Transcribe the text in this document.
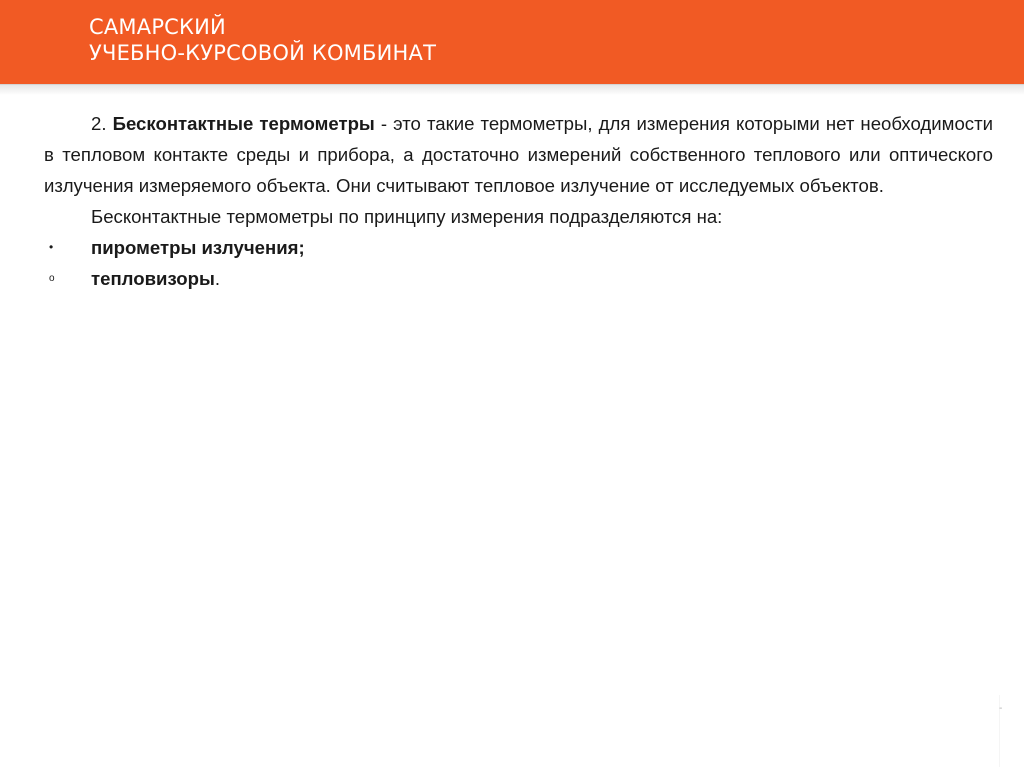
САМАРСКИЙ
УЧЕБНО-КУРСОВОЙ КОМБИНАТ

2. Бесконтактные термометры - это такие термометры, для измерения которыми нет необходимости в тепловом контакте среды и прибора, а достаточно измерений собственного теплового или оптического излучения измеряемого объекта. Они считывают тепловое излучение от исследуемых объектов.

Бесконтактные термометры по принципу измерения подразделяются на:

• пирометры излучения;
o тепловизоры.
-
